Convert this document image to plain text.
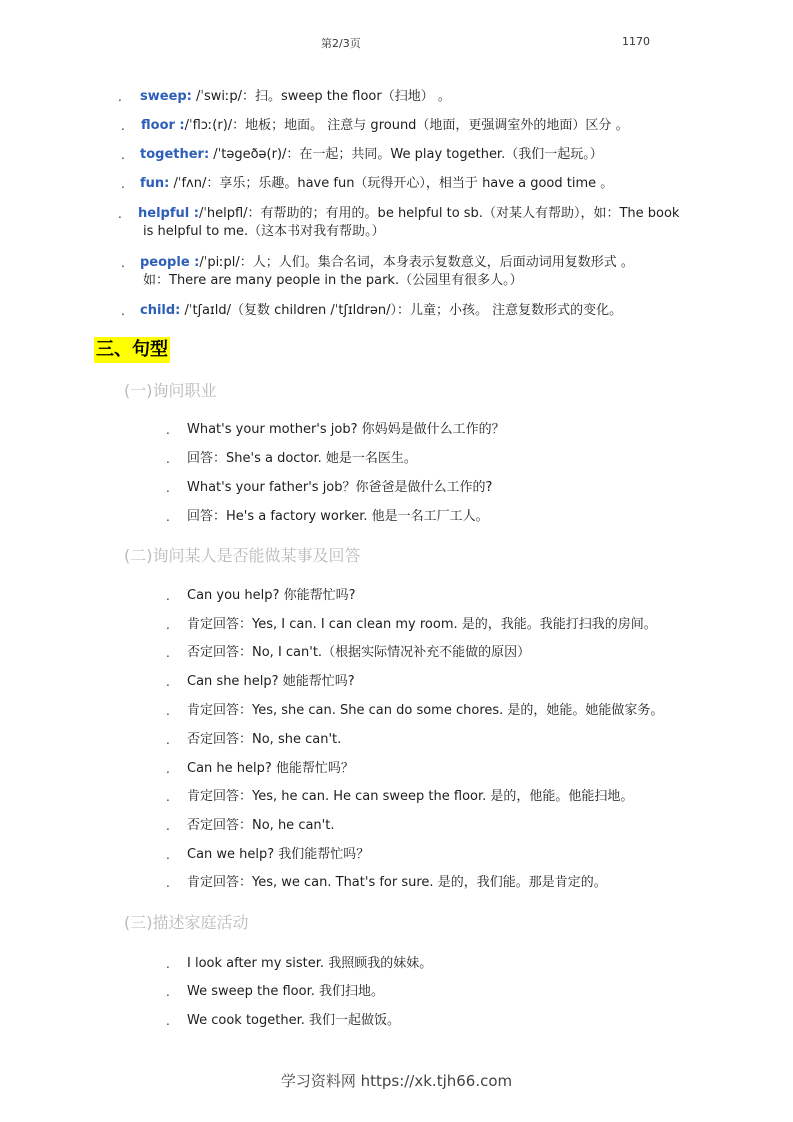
第2/3页	1170
. sweep: /ˈswiːp/：扫。sweep the floor（扫地） 。
. floor :/ˈflɔː(r)/：地板；地面。 注意与 ground（地面，更强调室外的地面）区分 。
. together: /ˈtəgeðə(r)/：在一起；共同。We play together.（我们一起玩。）
. fun: /ˈfʌn/：享乐；乐趣。have fun（玩得开心），相当于 have a good time 。
. helpful :/ˈhelpfl/：有帮助的；有用的。be helpful to sb.（对某人有帮助），如：The book
is helpful to me.（这本书对我有帮助。）
. people :/ˈpiːpl/：人；人们。集合名词，本身表示复数意义，后面动词用复数形式 。
如：There are many people in the park.（公园里有很多人。）
. child: /ˈtʃaɪld/（复数 children /ˈtʃɪldrən/）：儿童；小孩。 注意复数形式的变化。
三、句型
(一)询问职业
. What's your mother's job? 你妈妈是做什么工作的？
. 回答：She's a doctor. 她是一名医生。
. What's your father's job？你爸爸是做什么工作的?
. 回答：He's a factory worker. 他是一名工厂工人。
(二)询问某人是否能做某事及回答
. Can you help? 你能帮忙吗?
. 肯定回答：Yes, I can. I can clean my room. 是的，我能。我能打扫我的房间。
. 否定回答：No, I can't.（根据实际情况补充不能做的原因）
. Can she help? 她能帮忙吗?
. 肯定回答：Yes, she can. She can do some chores. 是的，她能。她能做家务。
. 否定回答：No, she can't.
. Can he help? 他能帮忙吗？
. 肯定回答：Yes, he can. He can sweep the floor. 是的，他能。他能扫地。
. 否定回答：No, he can't.
. Can we help? 我们能帮忙吗？
. 肯定回答：Yes, we can. That's for sure. 是的，我们能。那是肯定的。
(三)描述家庭活动
. I look after my sister. 我照顾我的妹妹。
. We sweep the floor. 我们扫地。
. We cook together. 我们一起做饭。
学习资料网 https://xk.tjh66.com
